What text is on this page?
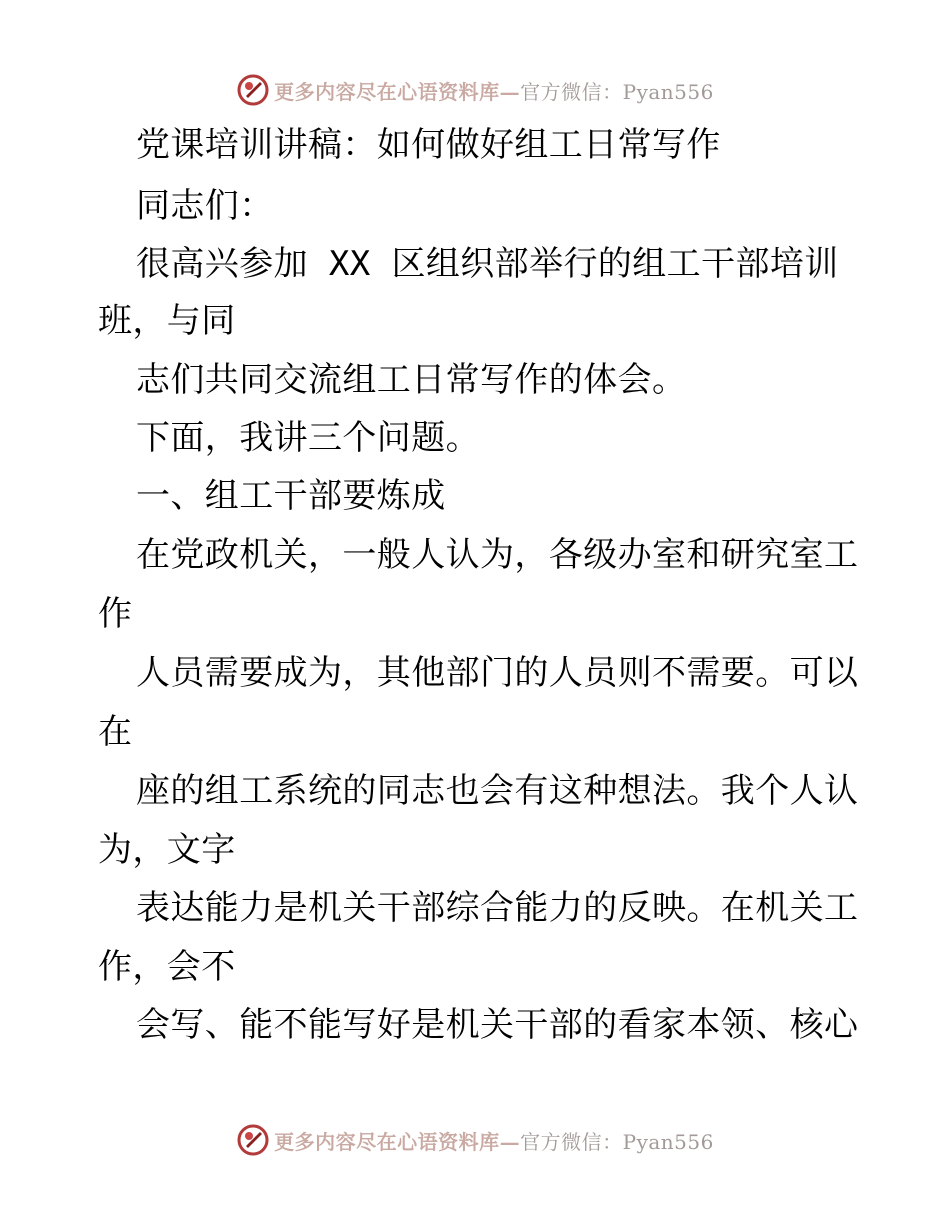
更多内容尽在心语资料库—官方微信：Pyan556
党课培训讲稿：如何做好组工日常写作
同志们：
很高兴参加 XX 区组织部举行的组工干部培训
班，与同
志们共同交流组工日常写作的体会。
下面，我讲三个问题。
一、组工干部要炼成
在党政机关，一般人认为，各级办室和研究室工
作
人员需要成为，其他部门的人员则不需要。可以
在
座的组工系统的同志也会有这种想法。我个人认
为，文字
表达能力是机关干部综合能力的反映。在机关工
作，会不
会写、能不能写好是机关干部的看家本领、核心
更多内容尽在心语资料库—官方微信：Pyan556
